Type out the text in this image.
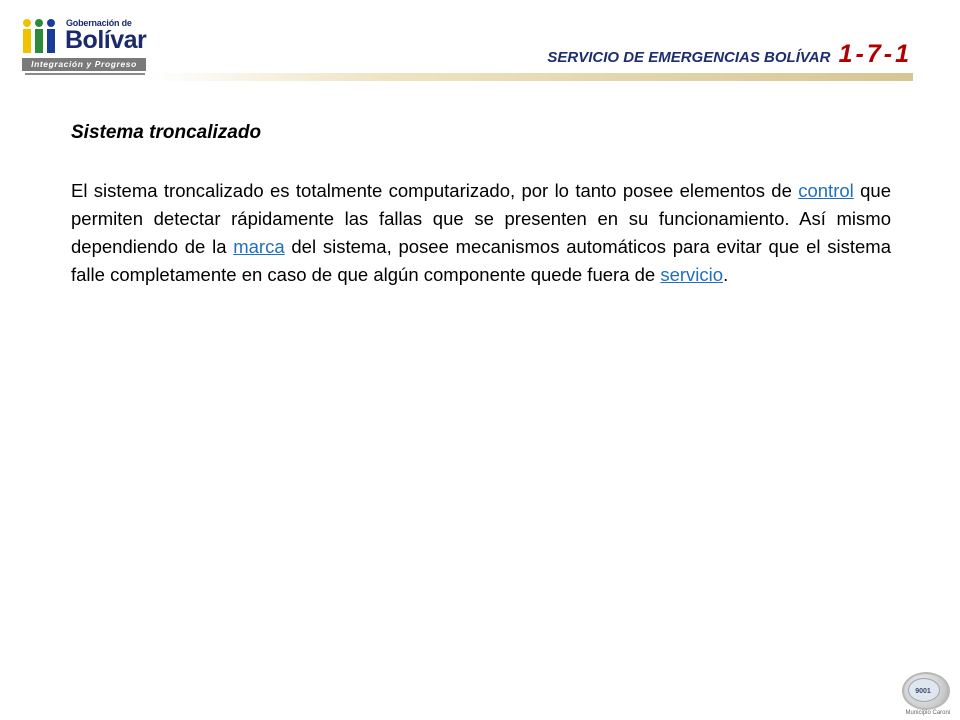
Gobernación de
Bolívar
Integración y Progreso	SERVICIO DE EMERGENCIAS BOLÍVAR 1-7-1
Sistema troncalizado
El sistema troncalizado es totalmente computarizado, por lo tanto posee elementos de control que permiten detectar rápidamente las fallas que se presenten en su funcionamiento. Así mismo dependiendo de la marca del sistema, posee mecanismos automáticos para evitar que el sistema falle completamente en caso de que algún componente quede fuera de servicio.
9001
Municipio Caroní
